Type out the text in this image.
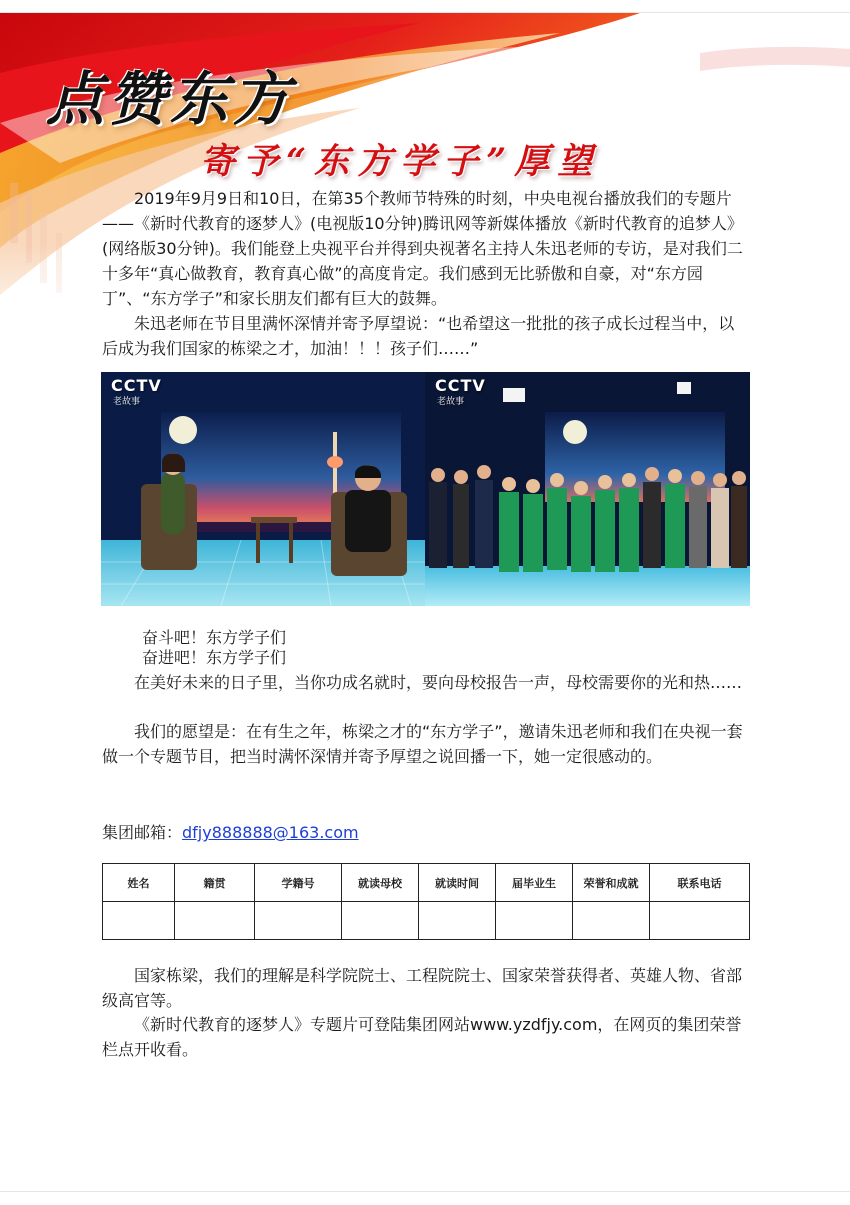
点赞东方
寄予“东方学子”厚望

2019年9月9日和10日，在第35个教师节特殊的时刻，中央电视台播放我们的专题片——《新时代教育的逐梦人》(电视版10分钟)腾讯网等新媒体播放《新时代教育的追梦人》(网络版30分钟)。我们能登上央视平台并得到央视著名主持人朱迅老师的专访，是对我们二十多年“真心做教育，教育真心做”的高度肯定。我们感到无比骄傲和自豪，对“东方园丁”、“东方学子”和家长朋友们都有巨大的鼓舞。

朱迅老师在节目里满怀深情并寄予厚望说：“也希望这一批批的孩子成长过程当中，以后成为我们国家的栋梁之才，加油！！！孩子们……”

CCTV
老故事
CCTV
老故事

奋斗吧！东方学子们

奋进吧！东方学子们

在美好未来的日子里，当你功成名就时，要向母校报告一声，母校需要你的光和热……

我们的愿望是：在有生之年，栋梁之才的“东方学子”，邀请朱迅老师和我们在央视一套做一个专题节目，把当时满怀深情并寄予厚望之说回播一下，她一定很感动的。

集团邮箱：dfjy888888@163.com

姓名	籍贯	学籍号	就读母校	就读时间	届毕业生	荣誉和成就	联系电话

国家栋梁，我们的理解是科学院院士、工程院院士、国家荣誉获得者、英雄人物、省部级高官等。

《新时代教育的逐梦人》专题片可登陆集团网站www.yzdfjy.com，在网页的集团荣誉栏点开收看。
